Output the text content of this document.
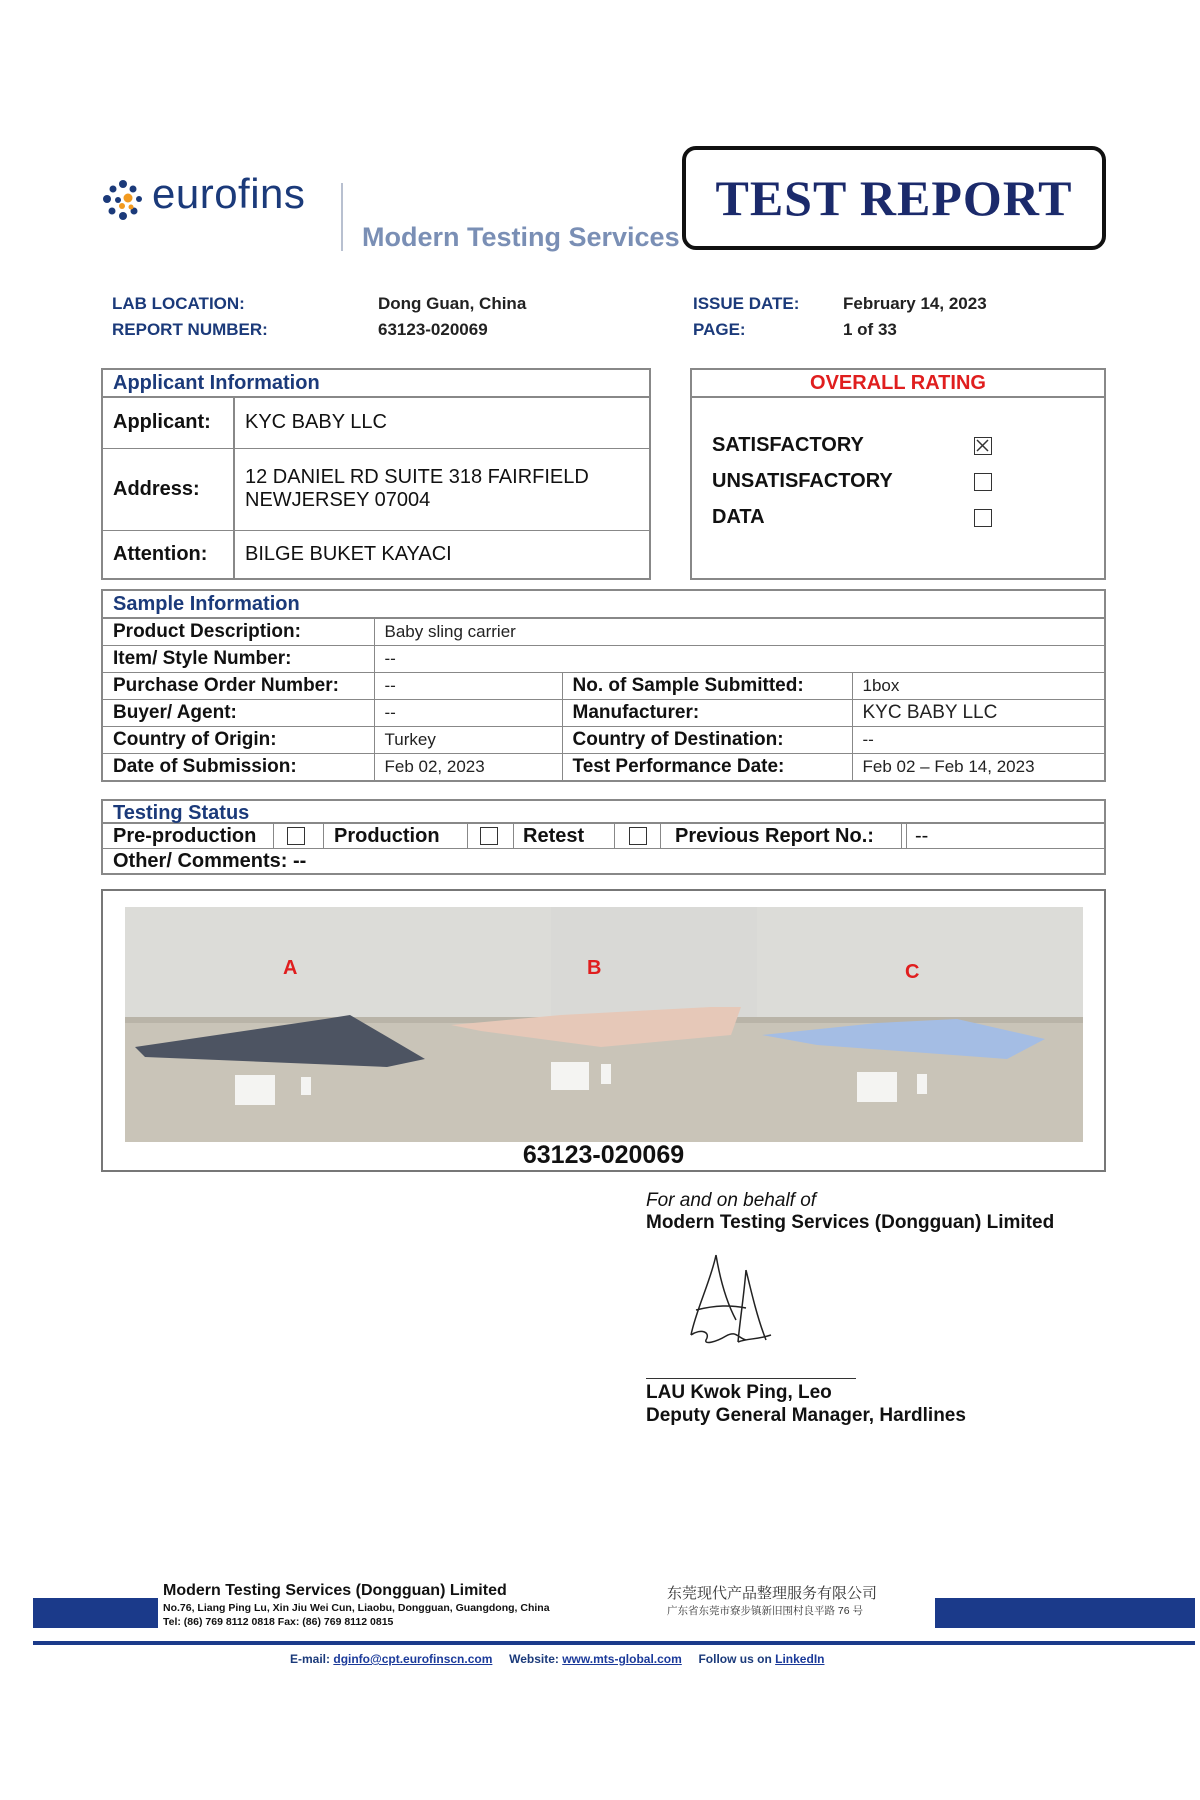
eurofins
Modern Testing Services
TEST REPORT
LAB LOCATION:	Dong Guan, China
REPORT NUMBER:	63123-020069
ISSUE DATE:	February 14, 2023
PAGE:	1 of 33
Applicant Information
Applicant:	KYC BABY LLC
Address:	12 DANIEL RD SUITE 318 FAIRFIELD
NEWJERSEY 07004

Attention:	BILGE BUKET KAYACI
OVERALL RATING
SATISFACTORY
UNSATISFACTORY
DATA
Sample Information
Product Description:	Baby sling carrier		
Item/ Style Number:	--		
Purchase Order Number:	--	No. of Sample Submitted:	1box
Buyer/ Agent:	--	Manufacturer:	KYC BABY LLC
Country of Origin:	Turkey	Country of Destination:	--
Date of Submission:	Feb 02, 2023	Test Performance Date:	Feb 02 – Feb 14, 2023
Testing Status
Pre-production	Production	Retest	Previous Report No.: --
Other/ Comments: --
A	B	C
63123-020069
For and on behalf of
Modern Testing Services (Dongguan) Limited
LAU Kwok Ping, Leo
Deputy General Manager, Hardlines
Modern Testing Services (Dongguan) Limited
No.76, Liang Ping Lu, Xin Jiu Wei Cun, Liaobu, Dongguan, Guangdong, China
Tel: (86) 769 8112 0818 Fax: (86) 769 8112 0815
东莞现代产品整理服务有限公司
广东省东莞市寮步镇新旧围村良平路 76 号
E-mail: dginfo@cpt.eurofinscn.com Website: www.mts-global.com Follow us on LinkedIn
